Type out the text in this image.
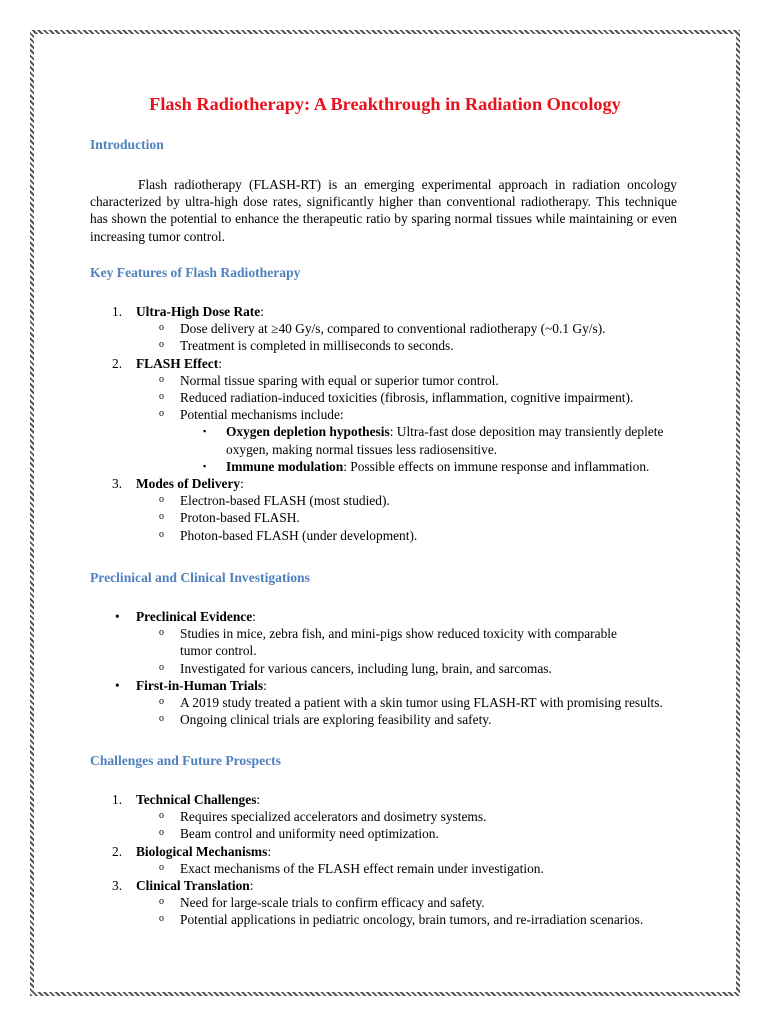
Flash Radiotherapy: A Breakthrough in Radiation Oncology
Introduction

Flash radiotherapy (FLASH-RT) is an emerging experimental approach in radiation oncology characterized by ultra-high dose rates, significantly higher than conventional radiotherapy. This technique has shown the potential to enhance the therapeutic ratio by sparing normal tissues while maintaining or even increasing tumor control.

Key Features of Flash Radiotherapy
1.	Ultra-High Dose Rate:
o Dose delivery at ≥40 Gy/s, compared to conventional radiotherapy (~0.1 Gy/s).
o Treatment is completed in milliseconds to seconds.
2.	FLASH Effect:
o Normal tissue sparing with equal or superior tumor control.
o Reduced radiation-induced toxicities (fibrosis, inflammation, cognitive impairment).
o Potential mechanisms include:
▪ Oxygen depletion hypothesis: Ultra-fast dose deposition may transiently deplete oxygen, making normal tissues less radiosensitive.
▪ Immune modulation: Possible effects on immune response and inflammation.
3.	Modes of Delivery:
o Electron-based FLASH (most studied).
o Proton-based FLASH.
o Photon-based FLASH (under development).
Preclinical and Clinical Investigations
• Preclinical Evidence:
o Studies in mice, zebra fish, and mini-pigs show reduced toxicity with comparable tumor control.
o Investigated for various cancers, including lung, brain, and sarcomas.
• First-in-Human Trials:
o A 2019 study treated a patient with a skin tumor using FLASH-RT with promising results.
o Ongoing clinical trials are exploring feasibility and safety.
Challenges and Future Prospects
1.	Technical Challenges:
o Requires specialized accelerators and dosimetry systems.
o Beam control and uniformity need optimization.
2.	Biological Mechanisms:
o Exact mechanisms of the FLASH effect remain under investigation.
3.	Clinical Translation:
o Need for large-scale trials to confirm efficacy and safety.
o Potential applications in pediatric oncology, brain tumors, and re-irradiation scenarios.
